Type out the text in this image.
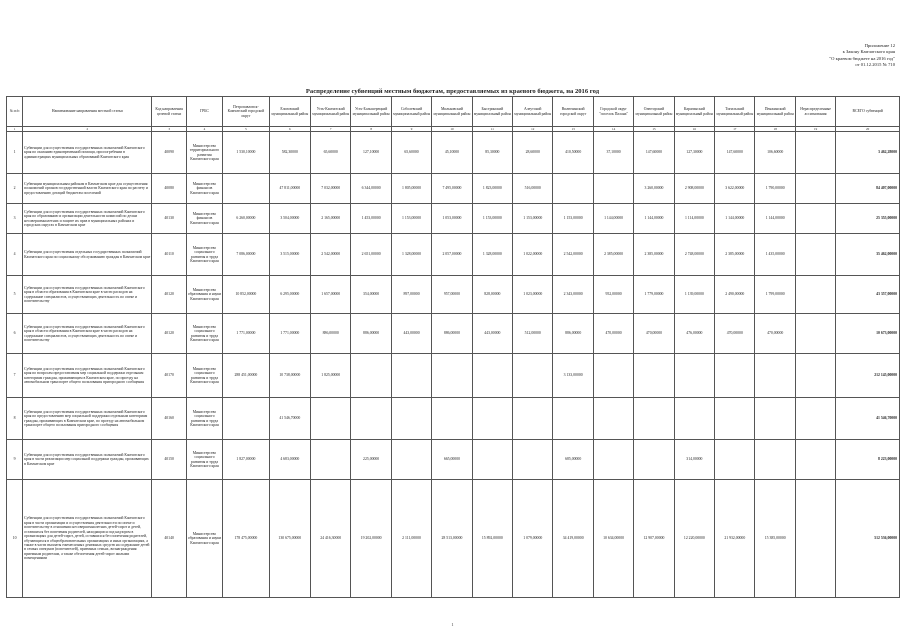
Приложение 12
к Закону Камчатского края
"О краевом бюджете на 2016 год"
от 01.12.2015 № 710
Распределение субвенций местным бюджетам, предоставляемых из краевого бюджета, на 2016 год
№ п/п	Наименование направления местной статьи	Код направления целевой статьи	ГРБС	Петропавловск-Камчатский городской округ	Елизовский муниципальный район	Усть-Камчатский муниципальный район	Усть-Большерецкий муниципальный район	Соболевский муниципальный район	Мильковский муниципальный район	Быстринский муниципальный район	Алеутский муниципальный район	Вилючинский городской округ	Городской округ "поселок Палана"	Олюторский муниципальный район	Карагинский муниципальный район	Тигильский муниципальный район	Пенжинский муниципальный район	Нераспределенные ассигнования	ВСЕГО субвенций
1	2	3	4	5	6	7	8	9	10	11	12	13	14	15	16	17	18	19	20
1	Субвенции для осуществления государственных полномочий Камчатского края по оказанию единовременной помощи, при погребении в администрациях муниципальных образований Камчатского края	40090	Министерство территориального развития Камчатского края	1 530,10000	582,30000	65,60000	127,10000	65,60000	45,10000	85,30000	28,60000	410,50000	37,10000	147,60000	127,30000	147,60000	106,60000		3 462,28000
2	Субвенции муниципальным районам в Камчатском крае для осуществления полномочий органов государственной власти Камчатского края по расчету и предоставлению дотаций бюджетам поселений	40080	Министерство финансов Камчатского края		47 811,00000	7 032,00000	6 344,00000	1 805,00000	7 495,00000	1 823,00000	516,00000			3 260,00000	2 908,00000	3 622,00000	1 790,00000		84 407,00000
3	Субвенции для осуществления государственных полномочий Камчатского края по образованию и организации деятельности комиссий по делам несовершеннолетних и защите их прав в муниципальных районах и городских округах в Камчатском крае	40130	Министерство финансов Камчатского края	6 260,00000	3 504,00000	2 165,00000	1 453,00000	1 153,00000	1 053,00000	1 153,00000	1 153,00000	1 153,00000	1 144,00000	1 144,00000	1 114,00000	1 144,00000	1 144,00000		25 355,00000
4	Субвенции для осуществления отдельных государственных полномочий Камчатского края по социальному обслуживанию граждан в Камчатском крае	40110	Министерство социального развития и труда Камчатского края	7 086,00000	3 515,00000	2 542,00000	2 651,00000	1 328,00000	2 057,00000	1 328,00000	1 022,00000	2 542,00000	2 385,00000	2 385,00000	2 748,00000	2 385,00000	1 435,00000		35 462,00000
5	Субвенции для осуществления государственных полномочий Камчатского края в области образования в Камчатском крае в части расходов на содержание специалистов, осуществляющих деятельность по опеке и попечительству	40120	Министерство образования и науки Камчатского края	10 852,00000	6 295,00000	1 657,00000	354,00000	897,00000	957,00000	828,00000	1 023,00000	2 343,00000	952,00000	1 779,00000	1 139,00000	2 490,00000	1 799,00000		43 357,00000
6	Субвенции для осуществления государственных полномочий Камчатского края в области образования в Камчатском крае в части расходов на содержание специалистов, осуществляющих деятельность по опеке и попечительству	40120	Министерство социального развития и труда Камчатского края	1 771,00000	1 771,00000	886,00000	886,00000	443,00000	886,00000	443,00000	512,00000	886,00000	470,00000	470,00000	476,00000	470,00000	470,00000		10 673,00000
7	Субвенции для осуществления государственных полномочий Камчатского края по вопросам предоставления мер социальной поддержки отдельным категориям граждан, проживающим в Камчатском крае, по проезду на автомобильном транспорте общего пользования пригородного сообщения	40170	Министерство социального развития и труда Камчатского края	288 451,00000	10 738,00000	1 825,00000						3 133,00000							212 145,00000
8	Субвенции для осуществления государственных полномочий Камчатского края по предоставлению мер социальной поддержки отдельным категориям граждан, проживающих в Камчатском крае, по проезду на автомобильном транспорте общего пользования пригородного сообщения	40160	Министерство социального развития и труда Камчатского края		41 546,70000														41 546,70000
9	Субвенции для осуществления государственных полномочий Камчатского края в части реализации мер социальной поддержки граждан, проживающих в Камчатском крае	40150	Министерство социального развития и труда Камчатского края	1 827,00000	4 683,00000		225,00000		665,00000			685,00000			314,00000				8 223,00000
10	Субвенции для осуществления государственных полномочий Камчатского края в части организации и осуществления деятельности по опеке и попечительству в отношении несовершеннолетних детей-сирот и детей, оставшихся без попечения родителей, находящихся под надзором в организациях для детей-сирот, детей, оставшихся без попечения родителей, обучающихся в общеобразовательных организациях и иных организациях, а также в части выплаты ежемесячных денежных средств на содержание детей в семьях опекунов (попечителей), приемных семьях, вознаграждения приемным родителям, а также обеспечения детей-сирот жилыми помещениями	40140	Министерство образования и науки Камчатского края	178 475,00000	130 675,00000	24 416,30000	19 202,00000	2 111,00000	28 513,00000	15 892,00000	1 079,00000	34 419,00000	10 634,00000	12 907,00000	12 220,00000	21 932,00000	15 385,00000		512 536,00000
1
